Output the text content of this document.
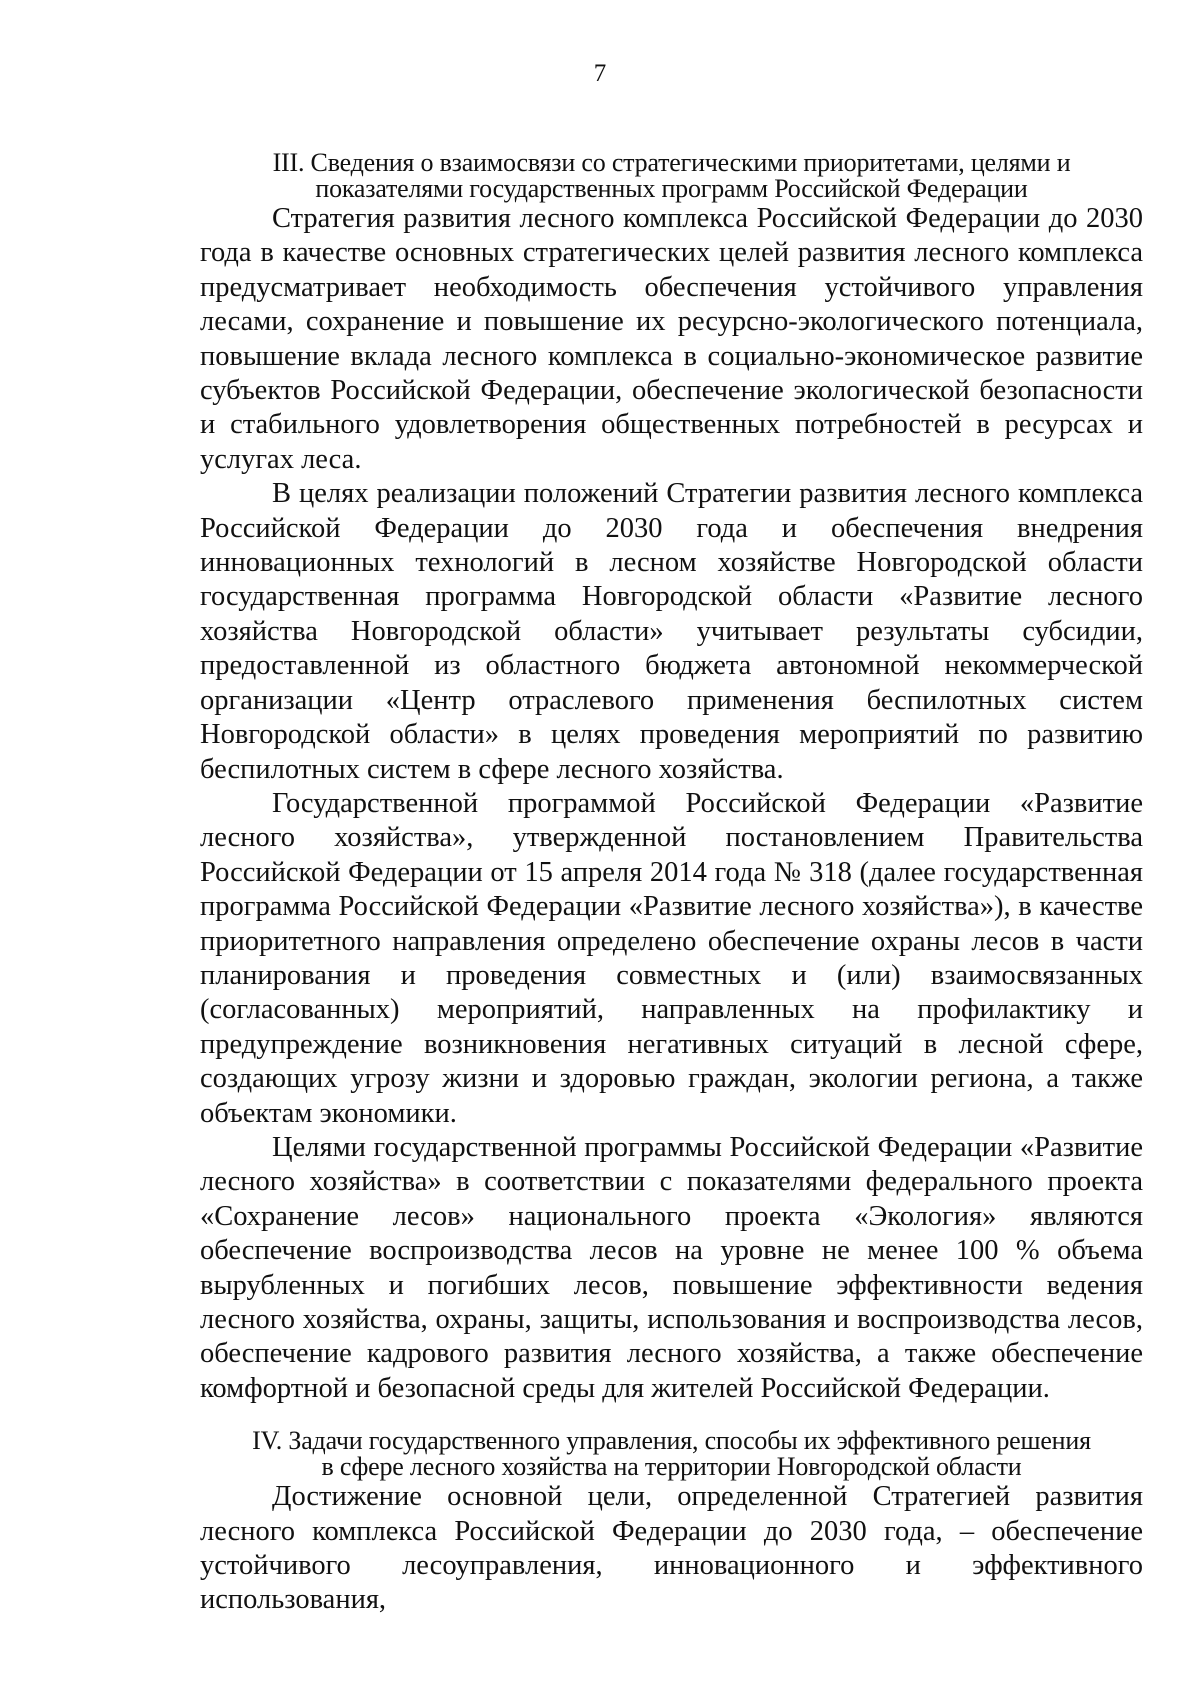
7
III. Сведения о взаимосвязи со стратегическими приоритетами, целями и
показателями государственных программ Российской Федерации

Стратегия развития лесного комплекса Российской Федерации до 2030 года в качестве основных стратегических целей развития лесного комплекса предусматривает необходимость обеспечения устойчивого управления лесами, сохранение и повышение их ресурсно-экологического потенциала, повышение вклада лесного комплекса в социально-экономическое развитие субъектов Российской Федерации, обеспечение экологической безопасности и стабильного удовлетворения общественных потребностей в ресурсах и услугах леса.

В целях реализации положений Стратегии развития лесного комплекса Российской Федерации до 2030 года и обеспечения внедрения инновационных технологий в лесном хозяйстве Новгородской области государственная программа Новгородской области «Развитие лесного хозяйства Новгородской области» учитывает результаты субсидии, предоставленной из областного бюджета автономной некоммерческой организации «Центр отраслевого применения беспилотных систем Новгородской области» в целях проведения мероприятий по развитию беспилотных систем в сфере лесного хозяйства.

Государственной программой Российской Федерации «Развитие лесного хозяйства», утвержденной постановлением Правительства Российской Федерации от 15 апреля 2014 года № 318 (далее государственная программа Российской Федерации «Развитие лесного хозяйства»), в качестве приоритетного направления определено обеспечение охраны лесов в части планирования и проведения совместных и (или) взаимосвязанных (согласованных) мероприятий, направленных на профилактику и предупреждение возникновения негативных ситуаций в лесной сфере, создающих угрозу жизни и здоровью граждан, экологии региона, а также объектам экономики.

Целями государственной программы Российской Федерации «Развитие лесного хозяйства» в соответствии с показателями федерального проекта «Сохранение лесов» национального проекта «Экология» являются обеспечение воспроизводства лесов на уровне не менее 100 % объема вырубленных и погибших лесов, повышение эффективности ведения лесного хозяйства, охраны, защиты, использования и воспроизводства лесов, обеспечение кадрового развития лесного хозяйства, а также обеспечение комфортной и безопасной среды для жителей Российской Федерации.

IV. Задачи государственного управления, способы их эффективного решения
в сфере лесного хозяйства на территории Новгородской области

Достижение основной цели, определенной Стратегией развития лесного комплекса Российской Федерации до 2030 года, – обеспечение устойчивого лесоуправления, инновационного и эффективного использования,
